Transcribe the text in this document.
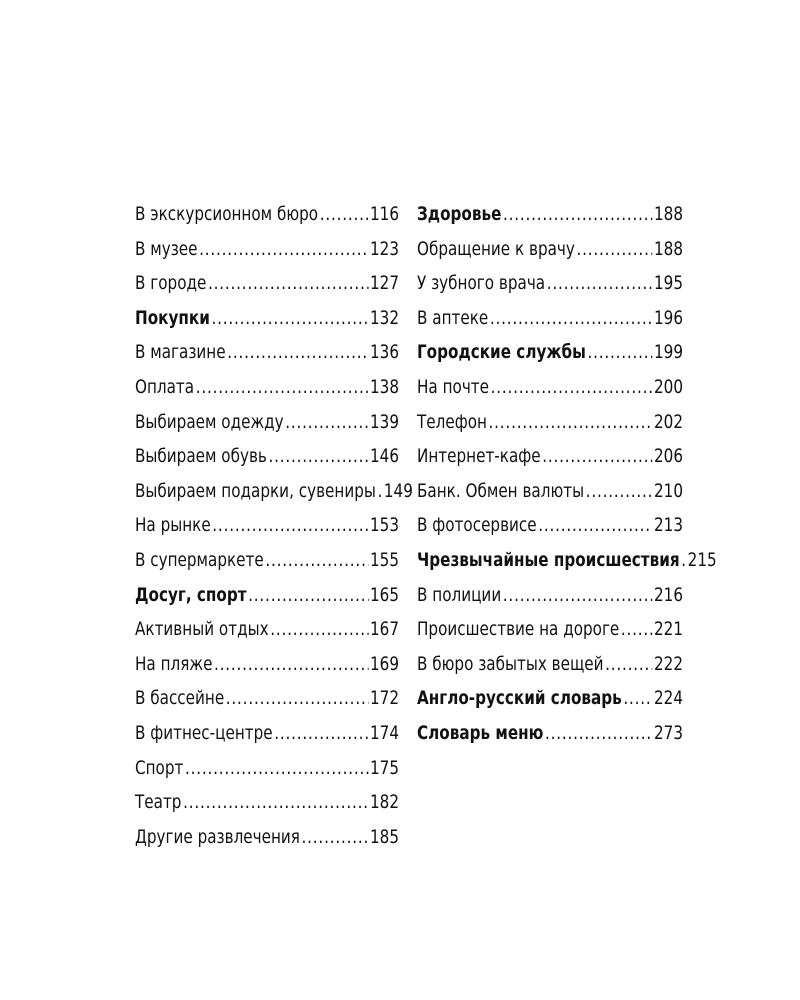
В экскурсионном бюро .....	116
В музее .....	123
В городе .....	127
Покупки .....	132
В магазине .....	136
Оплата .....	138
Выбираем одежду .....	139
Выбираем обувь .....	146
Выбираем подарки, сувениры ..... 149
На рынке .....	153
В супермаркете .....	155
Досуг, спорт .....	165
Активный отдых .....	167
На пляже .....	169
В бассейне .....	172
В фитнес-центре .....	174
Спорт .....	175
Театр .....	182
Другие развлечения .....	185
Здоровье .....	188
Обращение к врачу .....	188
У зубного врача .....	195
В аптеке .....	196
Городские службы .....	199
На почте .....	200
Телефон .....	202
Интернет-кафе .....	206
Банк. Обмен валюты .....	210
В фотосервисе .....	213
Чрезвычайные происшествия ..... 215
В полиции .....	216
Происшествие на дороге ..... 221
В бюро забытых вещей .....	222
Англо-русский словарь ..... 224
Словарь меню .....	273
